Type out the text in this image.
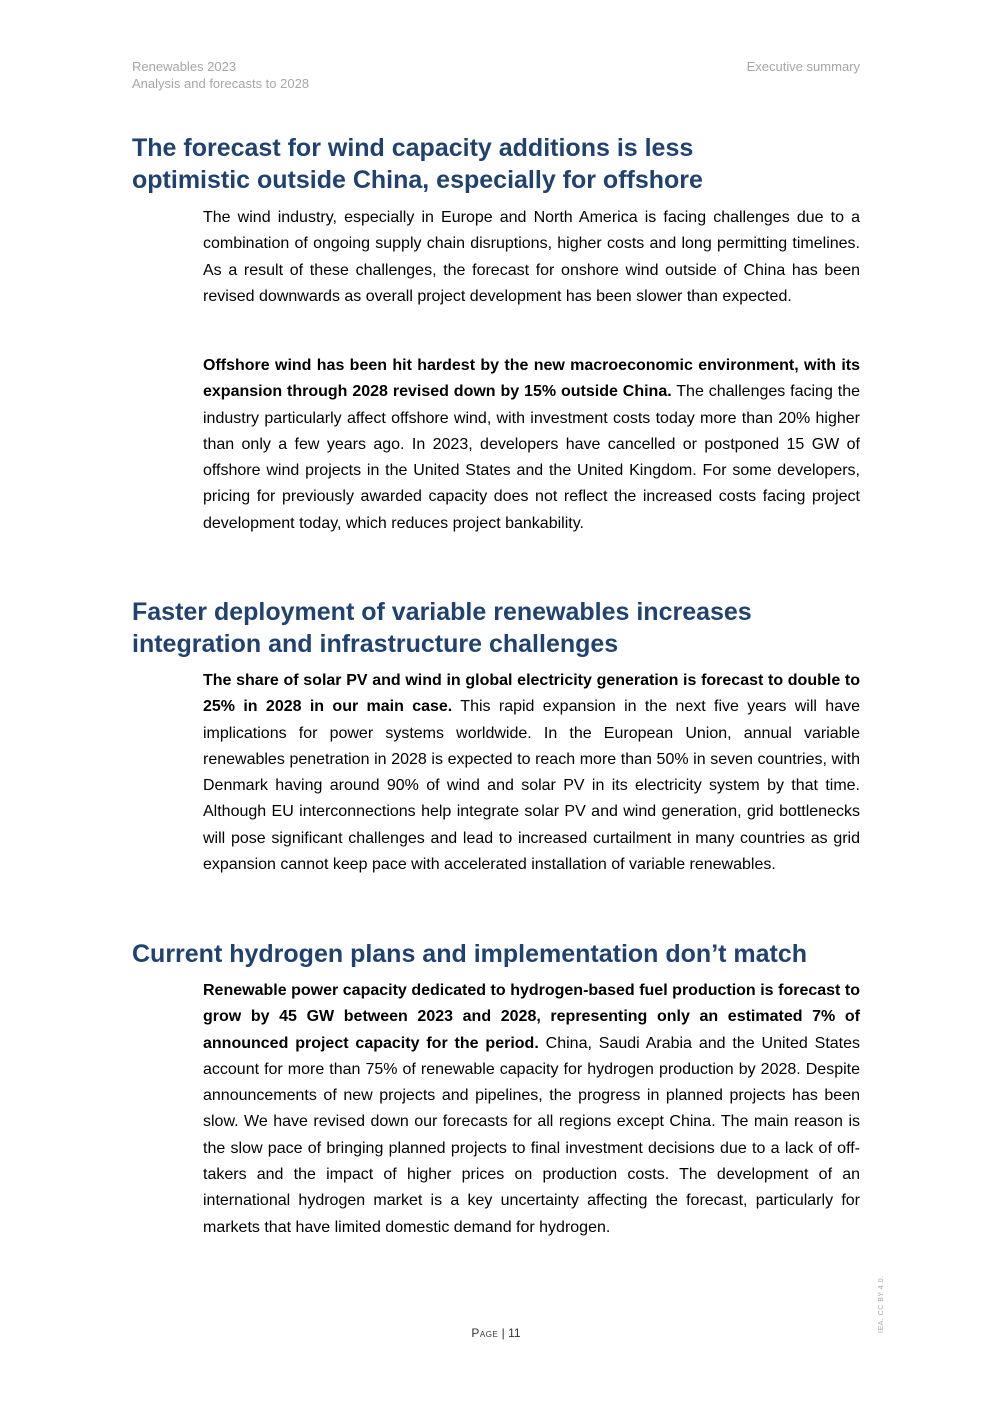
Renewables 2023
Analysis and forecasts to 2028
Executive summary
The forecast for wind capacity additions is less
optimistic outside China, especially for offshore

The wind industry, especially in Europe and North America is facing challenges due to a combination of ongoing supply chain disruptions, higher costs and long permitting timelines. As a result of these challenges, the forecast for onshore wind outside of China has been revised downwards as overall project development has been slower than expected.

Offshore wind has been hit hardest by the new macroeconomic environment, with its expansion through 2028 revised down by 15% outside China. The challenges facing the industry particularly affect offshore wind, with investment costs today more than 20% higher than only a few years ago. In 2023, developers have cancelled or postponed 15 GW of offshore wind projects in the United States and the United Kingdom. For some developers, pricing for previously awarded capacity does not reflect the increased costs facing project development today, which reduces project bankability.

Faster deployment of variable renewables increases
integration and infrastructure challenges

The share of solar PV and wind in global electricity generation is forecast to double to 25% in 2028 in our main case. This rapid expansion in the next five years will have implications for power systems worldwide. In the European Union, annual variable renewables penetration in 2028 is expected to reach more than 50% in seven countries, with Denmark having around 90% of wind and solar PV in its electricity system by that time. Although EU interconnections help integrate solar PV and wind generation, grid bottlenecks will pose significant challenges and lead to increased curtailment in many countries as grid expansion cannot keep pace with accelerated installation of variable renewables.

Current hydrogen plans and implementation don’t match

Renewable power capacity dedicated to hydrogen-based fuel production is forecast to grow by 45 GW between 2023 and 2028, representing only an estimated 7% of announced project capacity for the period. China, Saudi Arabia and the United States account for more than 75% of renewable capacity for hydrogen production by 2028. Despite announcements of new projects and pipelines, the progress in planned projects has been slow. We have revised down our forecasts for all regions except China. The main reason is the slow pace of bringing planned projects to final investment decisions due to a lack of off-takers and the impact of higher prices on production costs. The development of an international hydrogen market is a key uncertainty affecting the forecast, particularly for markets that have limited domestic demand for hydrogen.

Page | 11	IEA. CC BY 4.0.
